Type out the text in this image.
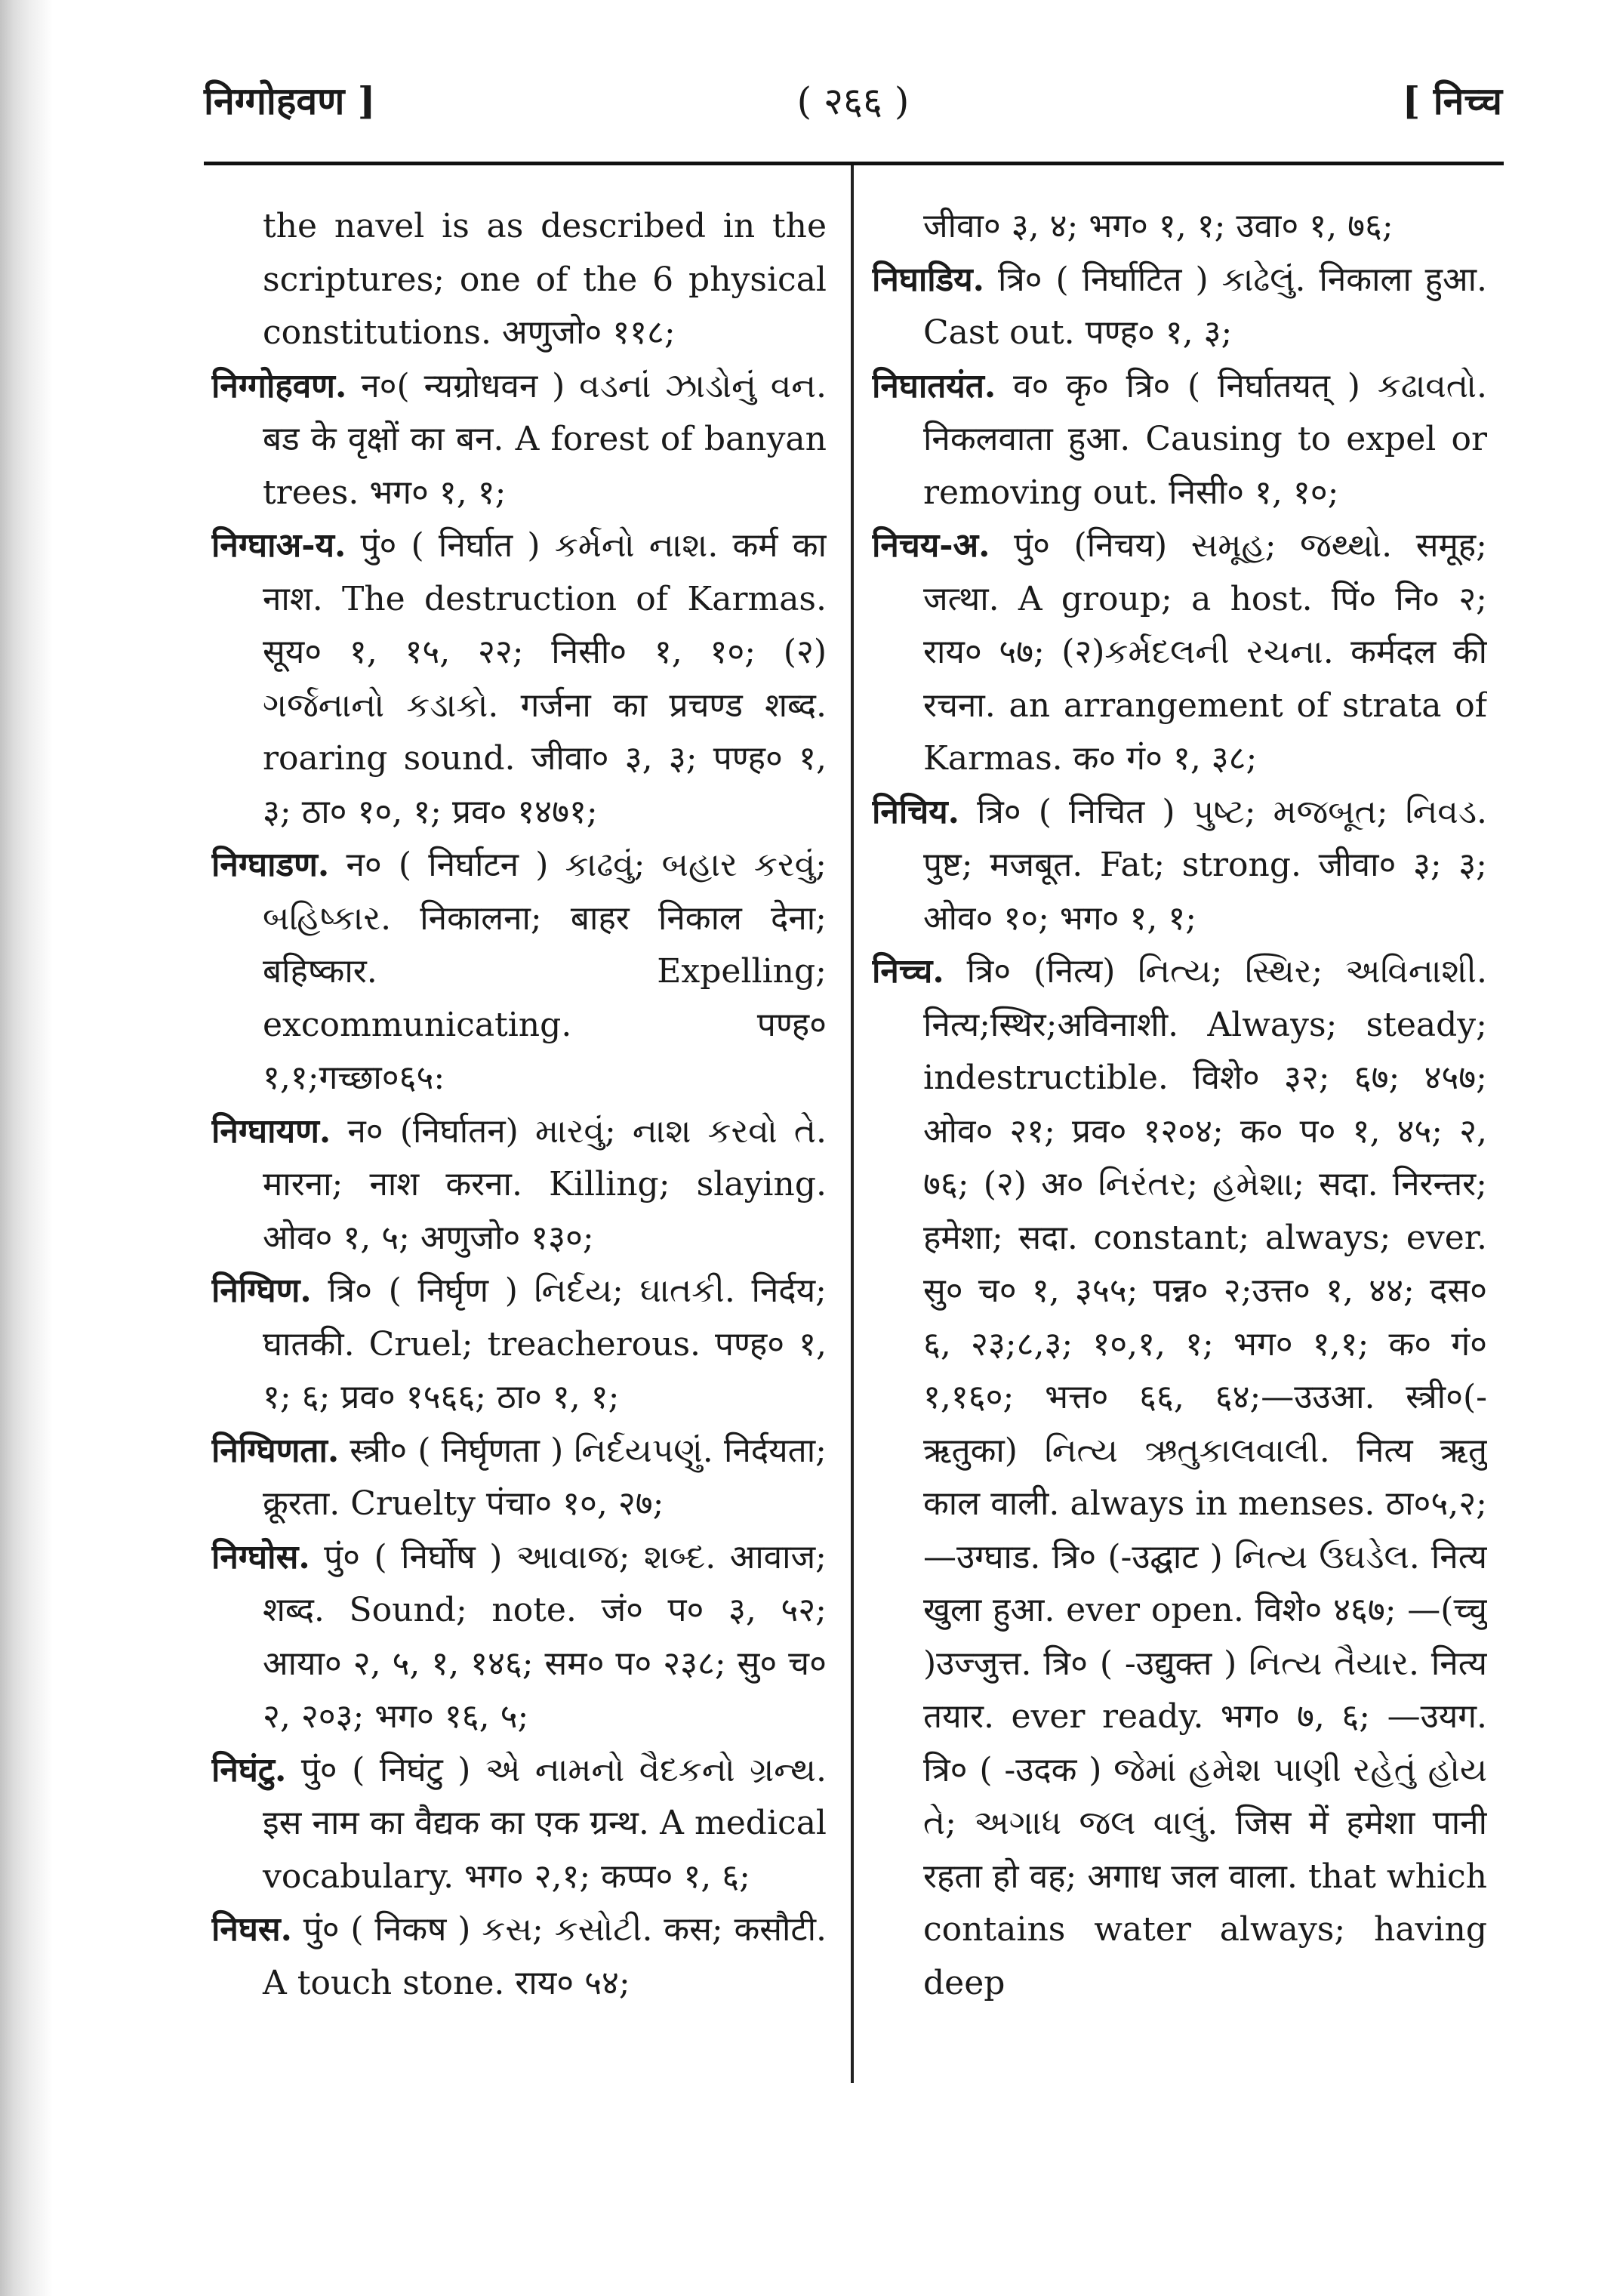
निग्गोहवण ]	( २६६ )	[ निच्च

the navel is as described in the scriptures; one of the 6 physical constitutions. अणुजो० ११८;

निग्गोहवण. न०( न्यग्रोधवन ) વડનાં ઝાડોનું વન. बड के वृक्षों का बन. A forest of banyan trees. भग० १, १;

निग्घाअ-य. पुं० ( निर्घात ) કર્મનો નાશ. कर्म का नाश. The destruction of Karmas. सूय० १, १५, २२; निसी० १, १०; (२) ગર્જનાનો કડાકો. गर्जना का प्रचण्ड शब्द. roaring sound. जीवा० ३, ३; पण्ह० १, ३; ठा० १०, १; प्रव० १४७१;

निग्घाडण. न० ( निर्घाटन ) કાઢવું; બહાર કરવું; બહિષ્કાર. निकालना; बाहर निकाल देना; बहिष्कार. Expelling; excommunicating. पण्ह० १,१;गच्छा०६५:

निग्घायण. न० (निर्घातन) મારવું; નાશ કરવો તે. मारना; नाश करना. Killing; slaying. ओव० १, ५; अणुजो० १३०;

निग्घिण. त्रि० ( निर्घृण ) નિર્દય; ઘાતકી. निर्दय; घातकी. Cruel; treacherous. पण्ह० १, १; ६; प्रव० १५६६; ठा० १, १;

निग्घिणता. स्त्री० ( निर्घृणता ) નિર્દયપણું. निर्दयता; क्रूरता. Cruelty पंचा० १०, २७;

निग्घोस. पुं० ( निर्घोष ) આવાજ; શબ્દ. आवाज; शब्द. Sound; note. जं० प० ३, ५२; आया० २, ५, १, १४६; सम० प० २३८; सु० च० २, २०३; भग० १६, ५;

निघंटु. पुं० ( निघंटु ) એ નામનો વૈદકનો ગ્રન્થ. इस नाम का वैद्यक का एक ग्रन्थ. A medical vocabulary. भग० २,१; कप्प० १, ६;

निघस. पुं० ( निकष ) કસ; કસોટી. कस; कसौटी. A touch stone. राय० ५४;

जीवा० ३, ४; भग० १, १; उवा० १, ७६;

निघाडिय. त्रि० ( निर्घाटित ) કાઢેલું. निकाला हुआ. Cast out. पण्ह० १, ३;

निघातयंत. व० कृ० त्रि० ( निर्घातयत् ) કઢાવતો. निकलवाता हुआ. Causing to expel or removing out. निसी० १, १०;

निचय-अ. पुं० (निचय) સમૂહ; જથ્થો. समूह; जत्था. A group; a host. पिं० नि० २; राय० ५७; (२)કર્મદલની રચના. कर्मदल की रचना. an arrangement of strata of Karmas. क० गं० १, ३८;

निचिय. त्रि० ( निचित ) પુષ્ટ; મજબૂત; નિવડ. पुष्ट; मजबूत. Fat; strong. जीवा० ३; ३; ओव० १०; भग० १, १;

निच्च. त्रि० (नित्य) નિત્ય; સ્થિર; અવિનાશી. नित्य;स्थिर;अविनाशी. Always; steady; indestructible. विशे० ३२; ६७; ४५७; ओव० २१; प्रव० १२०४; क० प० १, ४५; २, ७६; (२) अ० નિરંતર; હમેશા; सदा. निरन्तर; हमेशा; सदा. constant; always; ever. सु० च० १, ३५५; पन्न० २;उत्त० १, ४४; दस० ६, २३;८,३; १०,१, १; भग० १,१; क० गं० १,१६०; भत्त० ६६, ६४;—उउआ. स्त्री०(-ऋतुका) નિત્ય ઋતુકાલવાલી. नित्य ऋतु काल वाली. always in menses. ठा०५,२; —उग्घाड. त्रि० (-उद्घाट ) નિત્ય ઉઘડેલ. नित्य खुला हुआ. ever open. विशे० ४६७; —(च्चु )उज्जुत्त. त्रि० ( -उद्युक्त ) નિત્ય તૈયાર. नित्य तयार. ever ready. भग० ७, ६; —उयग. त्रि० ( -उदक ) જેમાં હમેશ પાણી રહેતું હોય તે; અગાધ જલ વાલું. जिस में हमेशा पानी रहता हो वह; अगाध जल वाला. that which contains water always; having deep
